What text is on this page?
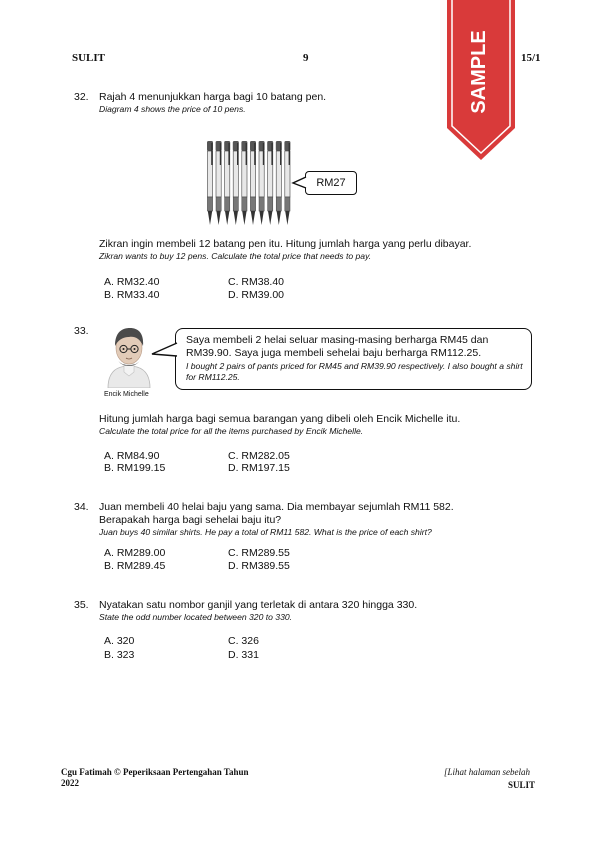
SULIT	9	15/1
SAMPLE
32. Rajah 4 menunjukkan harga bagi 10 batang pen.
Diagram 4 shows the price of 10 pens.
RM27
Zikran ingin membeli 12 batang pen itu. Hitung jumlah harga yang perlu dibayar.
Zikran wants to buy 12 pens. Calculate the total price that needs to pay.
A. RM32.40
B. RM33.40
C. RM38.40
D. RM39.00
33.
Encik Michelle
Saya membeli 2 helai seluar masing-masing berharga RM45 dan RM39.90. Saya juga membeli sehelai baju berharga RM112.25.
I bought 2 pairs of pants priced for RM45 and RM39.90 respectively. I also bought a shirt for RM112.25.
Hitung jumlah harga bagi semua barangan yang dibeli oleh Encik Michelle itu.
Calculate the total price for all the items purchased by Encik Michelle.
A. RM84.90
B. RM199.15
C. RM282.05
D. RM197.15
34. Juan membeli 40 helai baju yang sama. Dia membayar sejumlah RM11 582.
Berapakah harga bagi sehelai baju itu?
Juan buys 40 similar shirts. He pay a total of RM11 582. What is the price of each shirt?
A. RM289.00
B. RM289.45
C. RM289.55
D. RM389.55
35. Nyatakan satu nombor ganjil yang terletak di antara 320 hingga 330.
State the odd number located between 320 to 330.
A. 320
B. 323
C. 326
D. 331
Cgu Fatimah © Peperiksaan Pertengahan Tahun
2022
[Lihat halaman sebelah
SULIT
